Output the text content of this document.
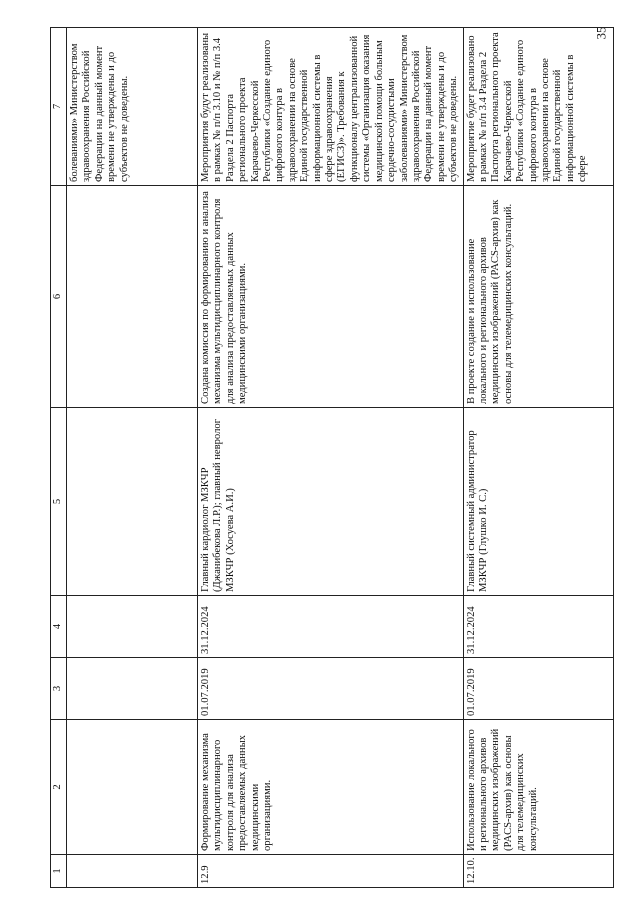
35
1	2	3	4	5	6	7
						болеваниями» Министерством здравоохранения Российской Федерации на данный момент времени не утверждены и до субъектов не доведены.
12.9	Формирование механизма мультидисциплинарного контроля для анализа предоставляемых данных медицинскими организациями.	01.07.2019	31.12.2024	Главный кардиолог МЗКЧР (Джанибекова Л.Р.); главный невролог МЗКЧР (Хосуева А.И.)	Создана комиссия по формированию и анализа механизма мультидисциплинарного контроля для анализа предоставляемых данных медицинскими организациями.	Мероприятия будут реализованы в рамках № п/п 3.10 и № п/п 3.4 Раздела 2 Паспорта регионального проекта Карачаево-Черкесской Республики «Создание единого цифрового контура в здравоохранении на основе Единой государственной информационной системы в сфере здравоохранения (ЕГИСЗ)». Требования к функционалу централизованной системы «Организация оказания медицинской помощи больным сердечно-сосудистыми заболеваниями» Министерством здравоохранения Российской Федерации на данный момент времени не утверждены и до субъектов не доведены.
12.10.	Использование локального и регионального архивов медицинских изображений (PACS-архив) как основы для телемедицинских консультаций.	01.07.2019	31.12.2024	Главный системный администратор МЗКЧР (Глушко И. С.)	В проекте создание и использование локального и регионального архивов медицинских изображений (PACS-архив) как основы для телемедицинских консультаций.	Мероприятие будет реализовано в рамках № п/п 3.4 Раздела 2 Паспорта регионального проекта Карачаево-Черкесской Республики «Создание единого цифрового контура в здравоохранении на основе Единой государственной информационной системы в сфере
